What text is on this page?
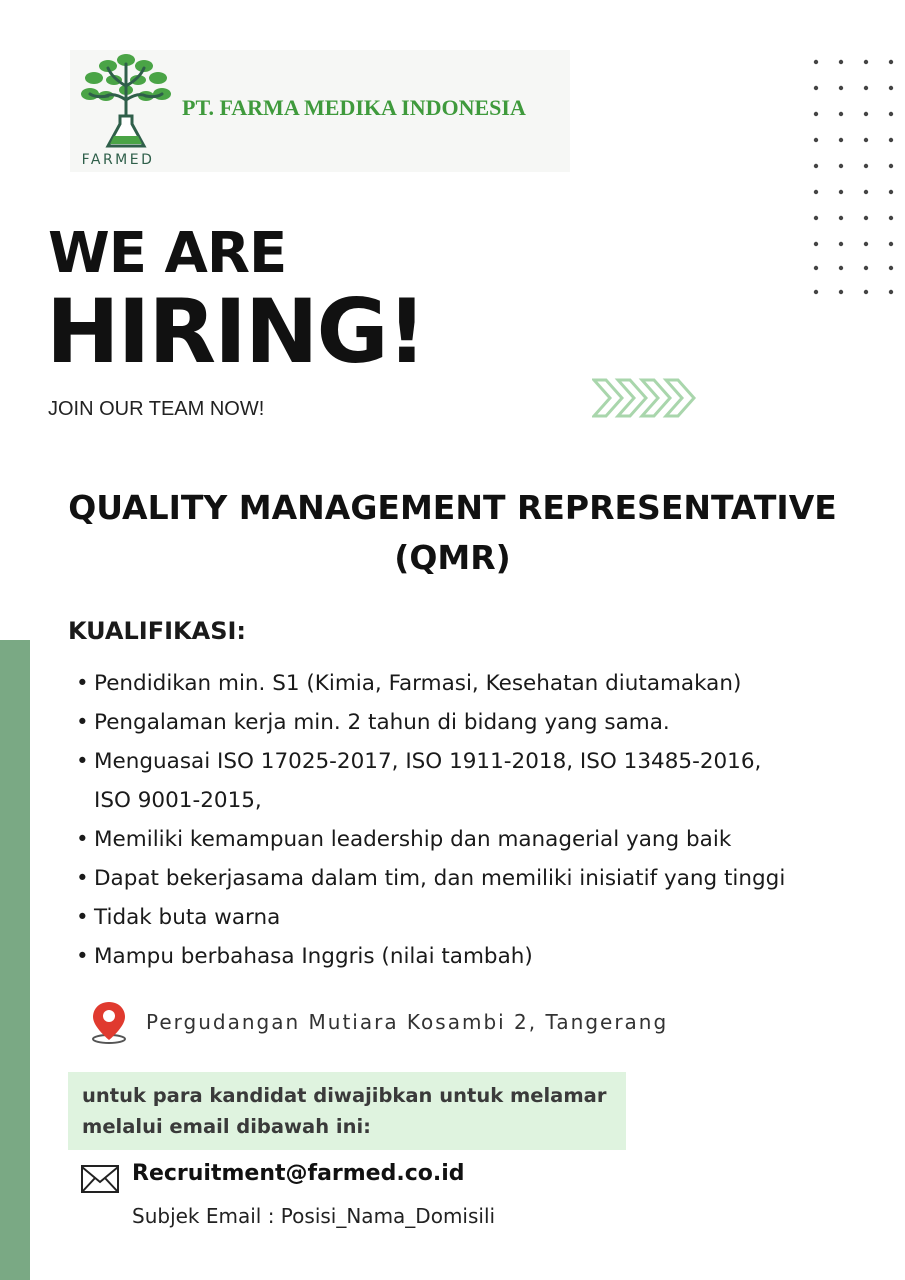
FARMED
PT. FARMA MEDIKA INDONESIA
WE ARE
HIRING!
JOIN OUR TEAM NOW!
QUALITY MANAGEMENT REPRESENTATIVE
(QMR)
KUALIFIKASI:
• Pendidikan min. S1 (Kimia, Farmasi, Kesehatan diutamakan)
• Pengalaman kerja min. 2 tahun di bidang yang sama.
• Menguasai ISO 17025-2017, ISO 1911-2018, ISO 13485-2016,
ISO 9001-2015,
• Memiliki kemampuan leadership dan managerial yang baik
• Dapat bekerjasama dalam tim, dan memiliki inisiatif yang tinggi
• Tidak buta warna
• Mampu berbahasa Inggris (nilai tambah)
Pergudangan Mutiara Kosambi 2, Tangerang
untuk para kandidat diwajibkan untuk melamar
melalui email dibawah ini:
Recruitment@farmed.co.id
Subjek Email : Posisi_Nama_Domisili
